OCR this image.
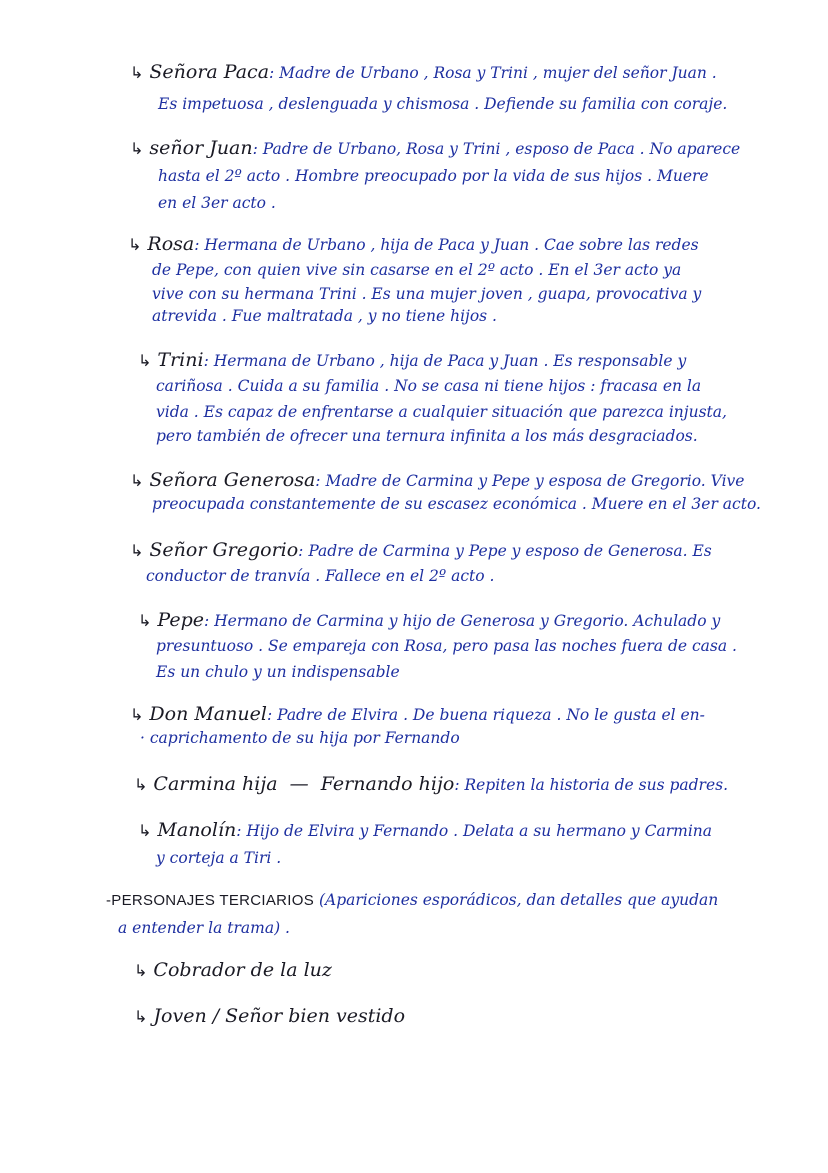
↳ Señora Paca: Madre de Urbano , Rosa y Trini , mujer del señor Juan .
Es impetuosa , deslenguada y chismosa . Defiende su familia con coraje.
↳ señor Juan: Padre de Urbano, Rosa y Trini , esposo de Paca . No aparece
hasta el 2º acto . Hombre preocupado por la vida de sus hijos . Muere
en el 3er acto .
↳ Rosa: Hermana de Urbano , hija de Paca y Juan . Cae sobre las redes
de Pepe, con quien vive sin casarse en el 2º acto . En el 3er acto ya
vive con su hermana Trini . Es una mujer joven , guapa, provocativa y
atrevida . Fue maltratada , y no tiene hijos .
↳ Trini: Hermana de Urbano , hija de Paca y Juan . Es responsable y
cariñosa . Cuida a su familia . No se casa ni tiene hijos : fracasa en la
vida . Es capaz de enfrentarse a cualquier situación que parezca injusta,
pero también de ofrecer una ternura infinita a los más desgraciados.
↳ Señora Generosa: Madre de Carmina y Pepe y esposa de Gregorio. Vive
preocupada constantemente de su escasez económica . Muere en el 3er acto.
↳ Señor Gregorio: Padre de Carmina y Pepe y esposo de Generosa. Es
conductor de tranvía . Fallece en el 2º acto .
↳ Pepe: Hermano de Carmina y hijo de Generosa y Gregorio. Achulado y
presuntuoso . Se empareja con Rosa, pero pasa las noches fuera de casa .
Es un chulo y un indispensable
↳ Don Manuel: Padre de Elvira . De buena riqueza . No le gusta el en-
· caprichamento de su hija por Fernando
↳ Carmina hija  —  Fernando hijo: Repiten la historia de sus padres.
↳ Manolín: Hijo de Elvira y Fernando . Delata a su hermano y Carmina
y corteja a Tiri .
-PERSONAJES TERCIARIOS (Apariciones esporádicos, dan detalles que ayudan
a entender la trama) .
↳ Cobrador de la luz
↳ Joven / Señor bien vestido
